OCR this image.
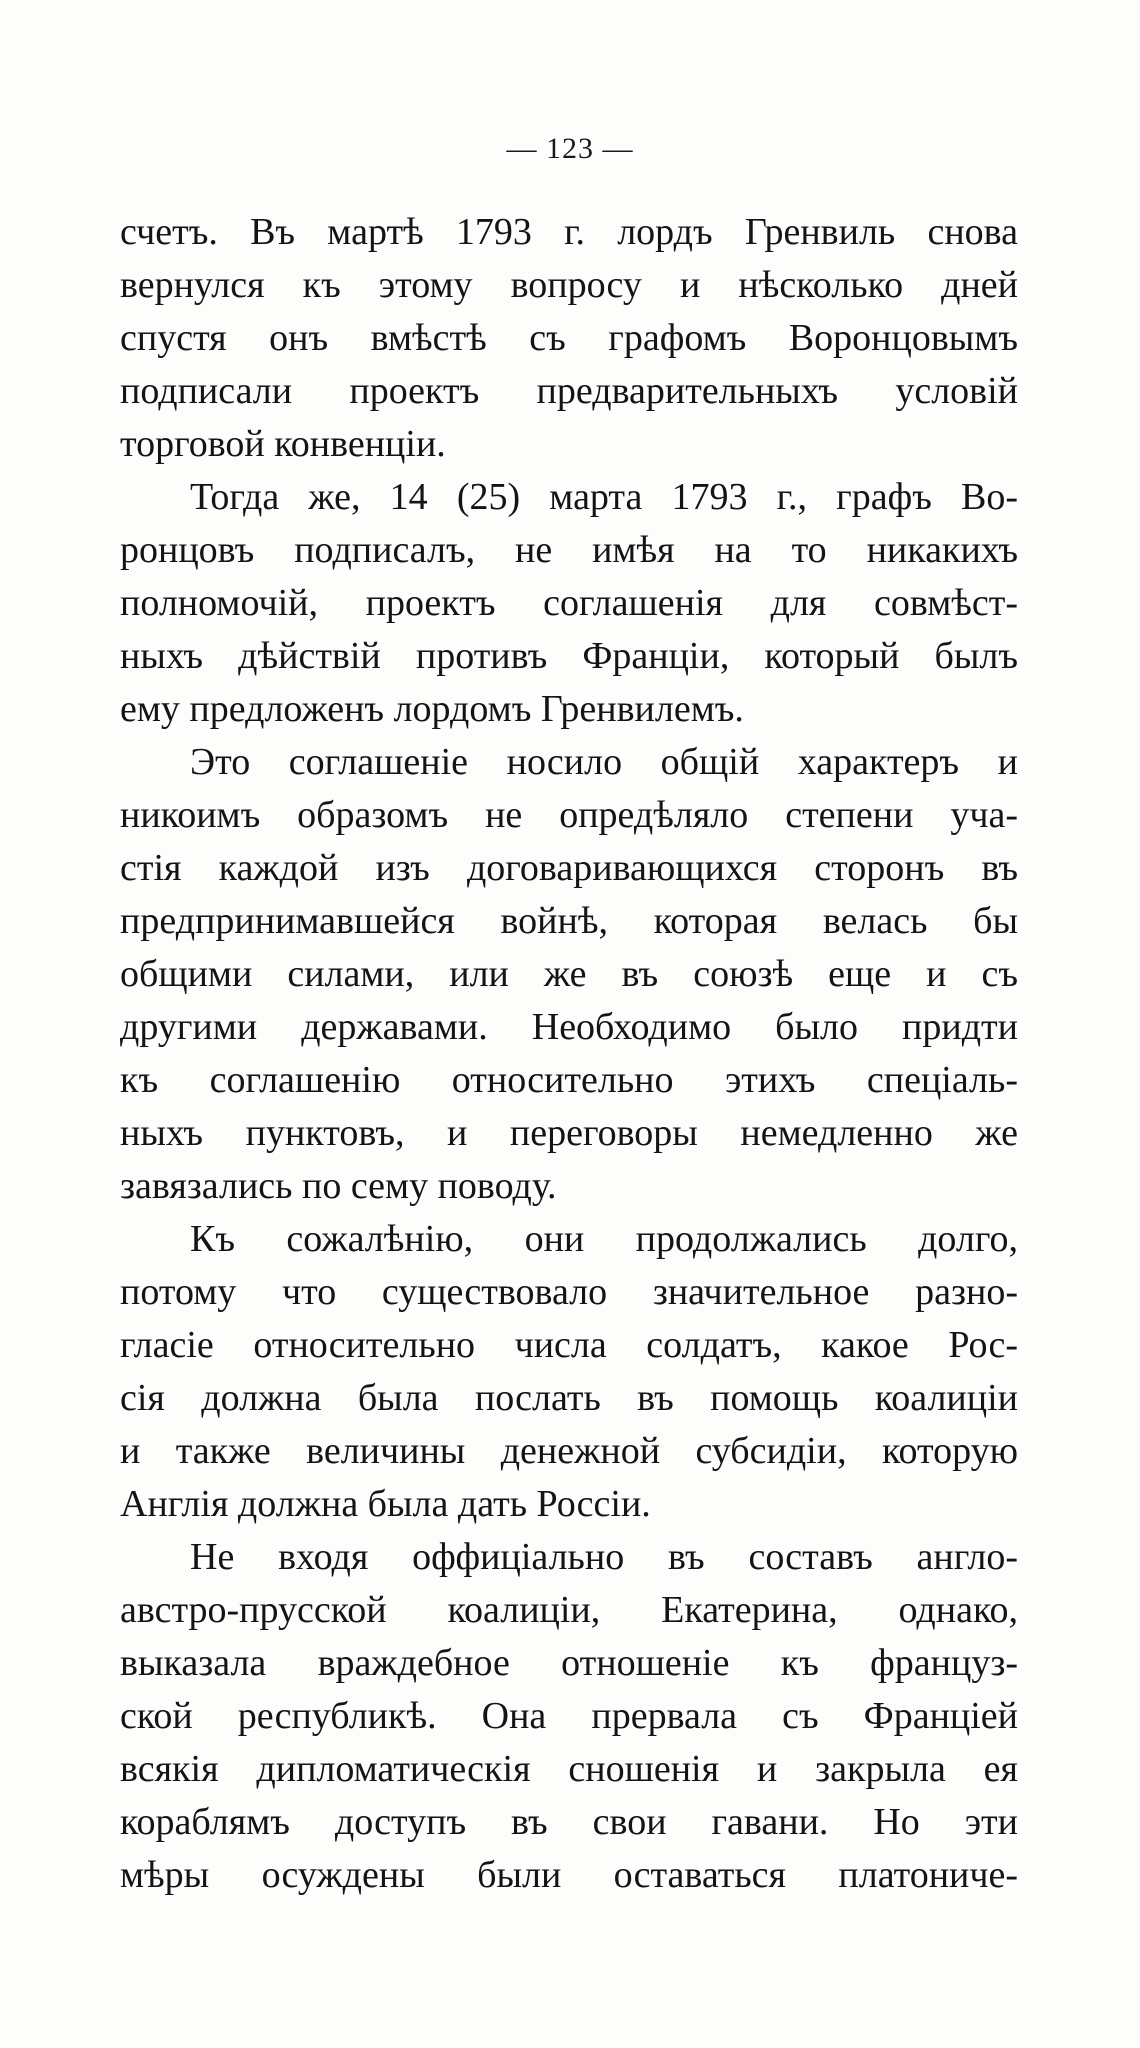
— 123 —
счетъ. Въ мартѣ 1793 г. лордъ Гренвиль снова
вернулся къ этому вопросу и нѣсколько дней
спустя онъ вмѣстѣ съ графомъ Воронцовымъ
подписали проектъ предварительныхъ условій
торговой конвенціи.
Тогда же, 14 (25) марта 1793 г., графъ Во-
ронцовъ подписалъ, не имѣя на то никакихъ
полномочій, проектъ соглашенія для совмѣст-
ныхъ дѣйствій противъ Франціи, который былъ
ему предложенъ лордомъ Гренвилемъ.
Это соглашеніе носило общій характеръ и
никоимъ образомъ не опредѣляло степени уча-
стія каждой изъ договаривающихся сторонъ въ
предпринимавшейся войнѣ, которая велась бы
общими силами, или же въ союзѣ еще и съ
другими державами. Необходимо было придти
къ соглашенію относительно этихъ спеціаль-
ныхъ пунктовъ, и переговоры немедленно же
завязались по сему поводу.
Къ сожалѣнію, они продолжались долго,
потому что существовало значительное разно-
гласіе относительно числа солдатъ, какое Рос-
сія должна была послать въ помощь коалиціи
и также величины денежной субсидіи, которую
Англія должна была дать Россіи.
Не входя оффиціально въ составъ англо-
австро-прусской коалиціи, Екатерина, однако,
выказала враждебное отношеніе къ француз-
ской республикѣ. Она прервала съ Франціей
всякія дипломатическія сношенія и закрыла ея
кораблямъ доступъ въ свои гавани. Но эти
мѣры осуждены были оставаться платониче-
